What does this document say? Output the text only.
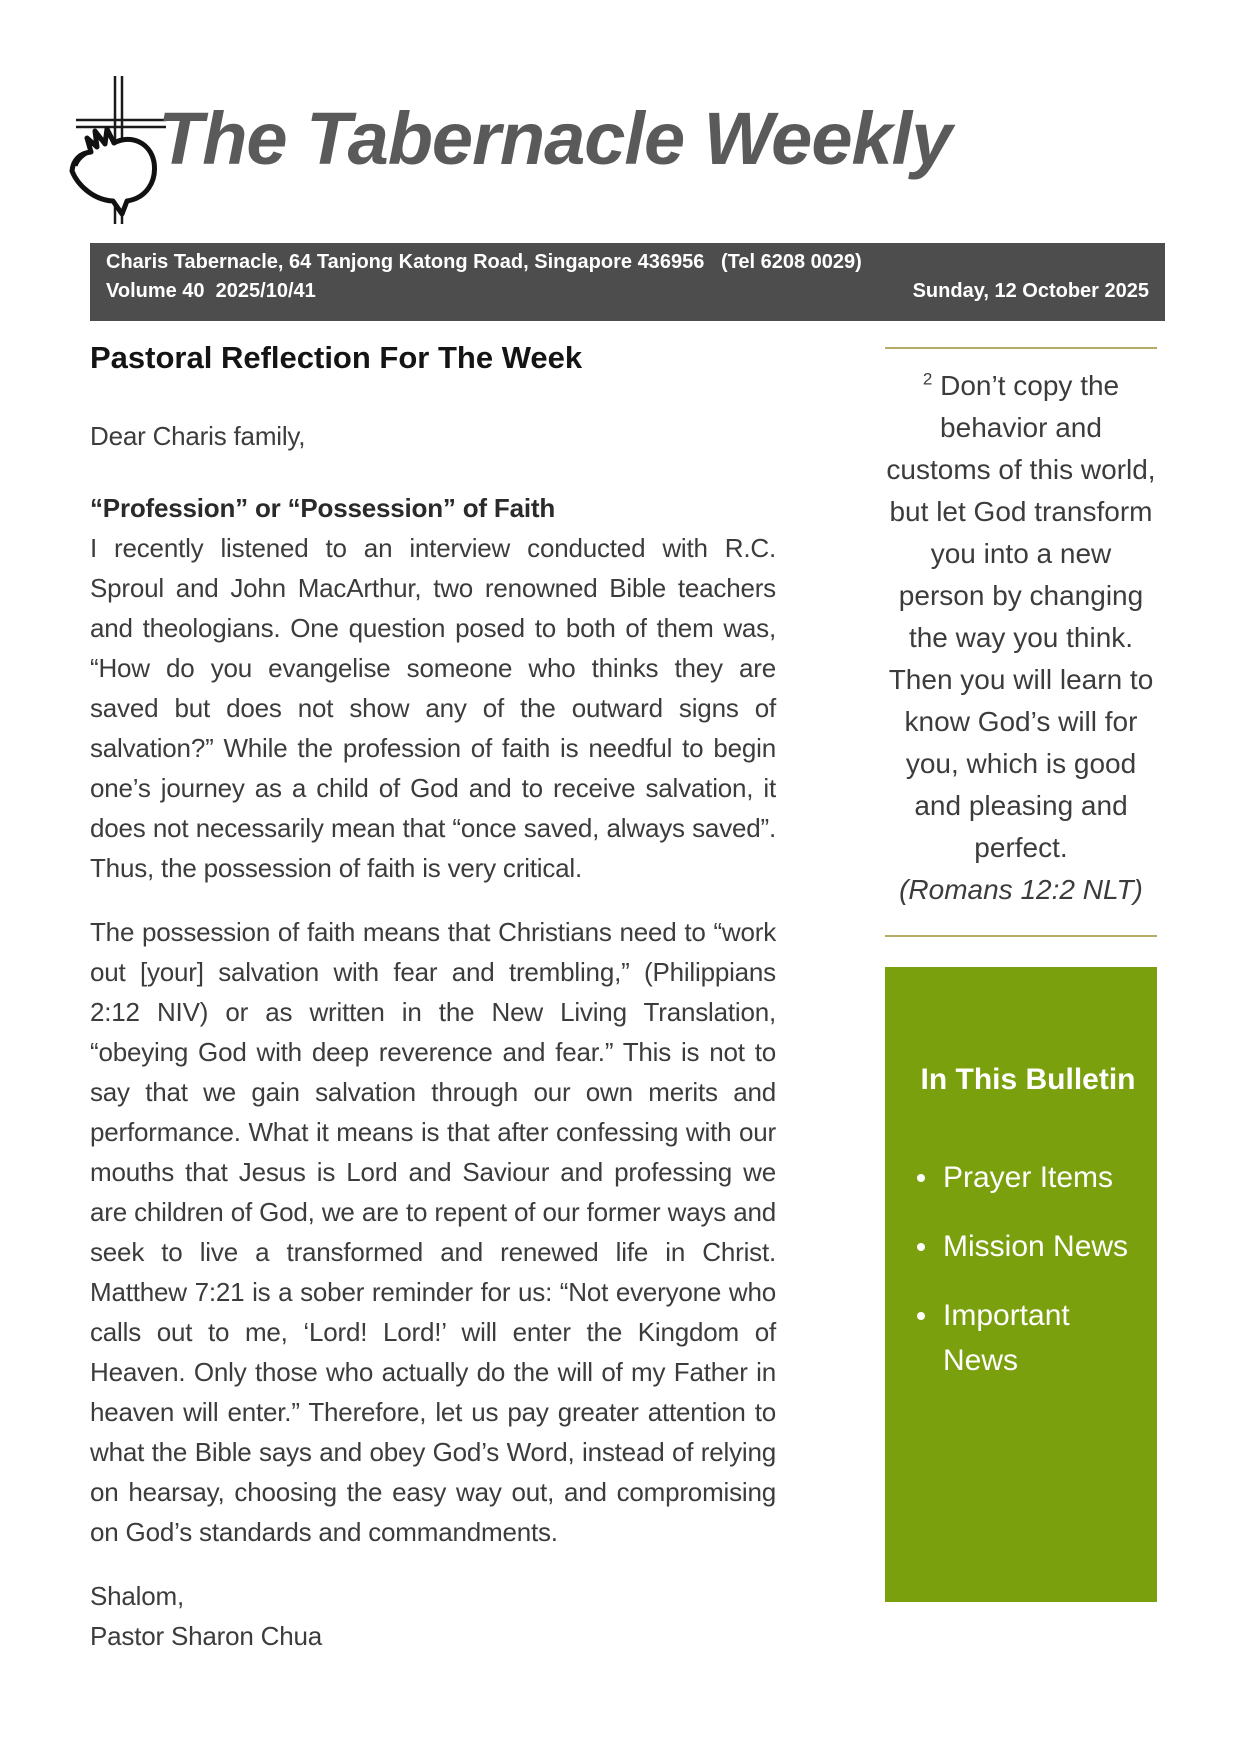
The Tabernacle Weekly
Charis Tabernacle, 64 Tanjong Katong Road, Singapore 436956   (Tel 6208 0029)
Volume 40  2025/10/41	Sunday, 12 October 2025
Pastoral Reflection For The Week

Dear Charis family,

“Profession” or “Possession” of Faith

I recently listened to an interview conducted with R.C. Sproul and John MacArthur, two renowned Bible teachers and theologians. One question posed to both of them was, “How do you evangelise someone who thinks they are saved but does not show any of the outward signs of salvation?” While the profession of faith is needful to begin one’s journey as a child of God and to receive salvation, it does not necessarily mean that “once saved, always saved”. Thus, the possession of faith is very critical.

The possession of faith means that Christians need to “work out [your] salvation with fear and trembling,” (Philippians 2:12 NIV) or as written in the New Living Translation, “obeying God with deep reverence and fear.” This is not to say that we gain salvation through our own merits and performance. What it means is that after confessing with our mouths that Jesus is Lord and Saviour and professing we are children of God, we are to repent of our former ways and seek to live a transformed and renewed life in Christ. Matthew 7:21 is a sober reminder for us: “Not everyone who calls out to me, ‘Lord! Lord!’ will enter the Kingdom of Heaven. Only those who actually do the will of my Father in heaven will enter.” Therefore, let us pay greater attention to what the Bible says and obey God’s Word, instead of relying on hearsay, choosing the easy way out, and compromising on God’s standards and commandments.

Shalom,

Pastor Sharon Chua

$^2$ Don’t copy the behavior and customs of this world, but let God transform you into a new person by changing the way you think. Then you will learn to know God’s will for you, which is good and pleasing and perfect.

(Romans 12:2 NLT)

In This Bulletin
Prayer Items
Mission News
Important News
